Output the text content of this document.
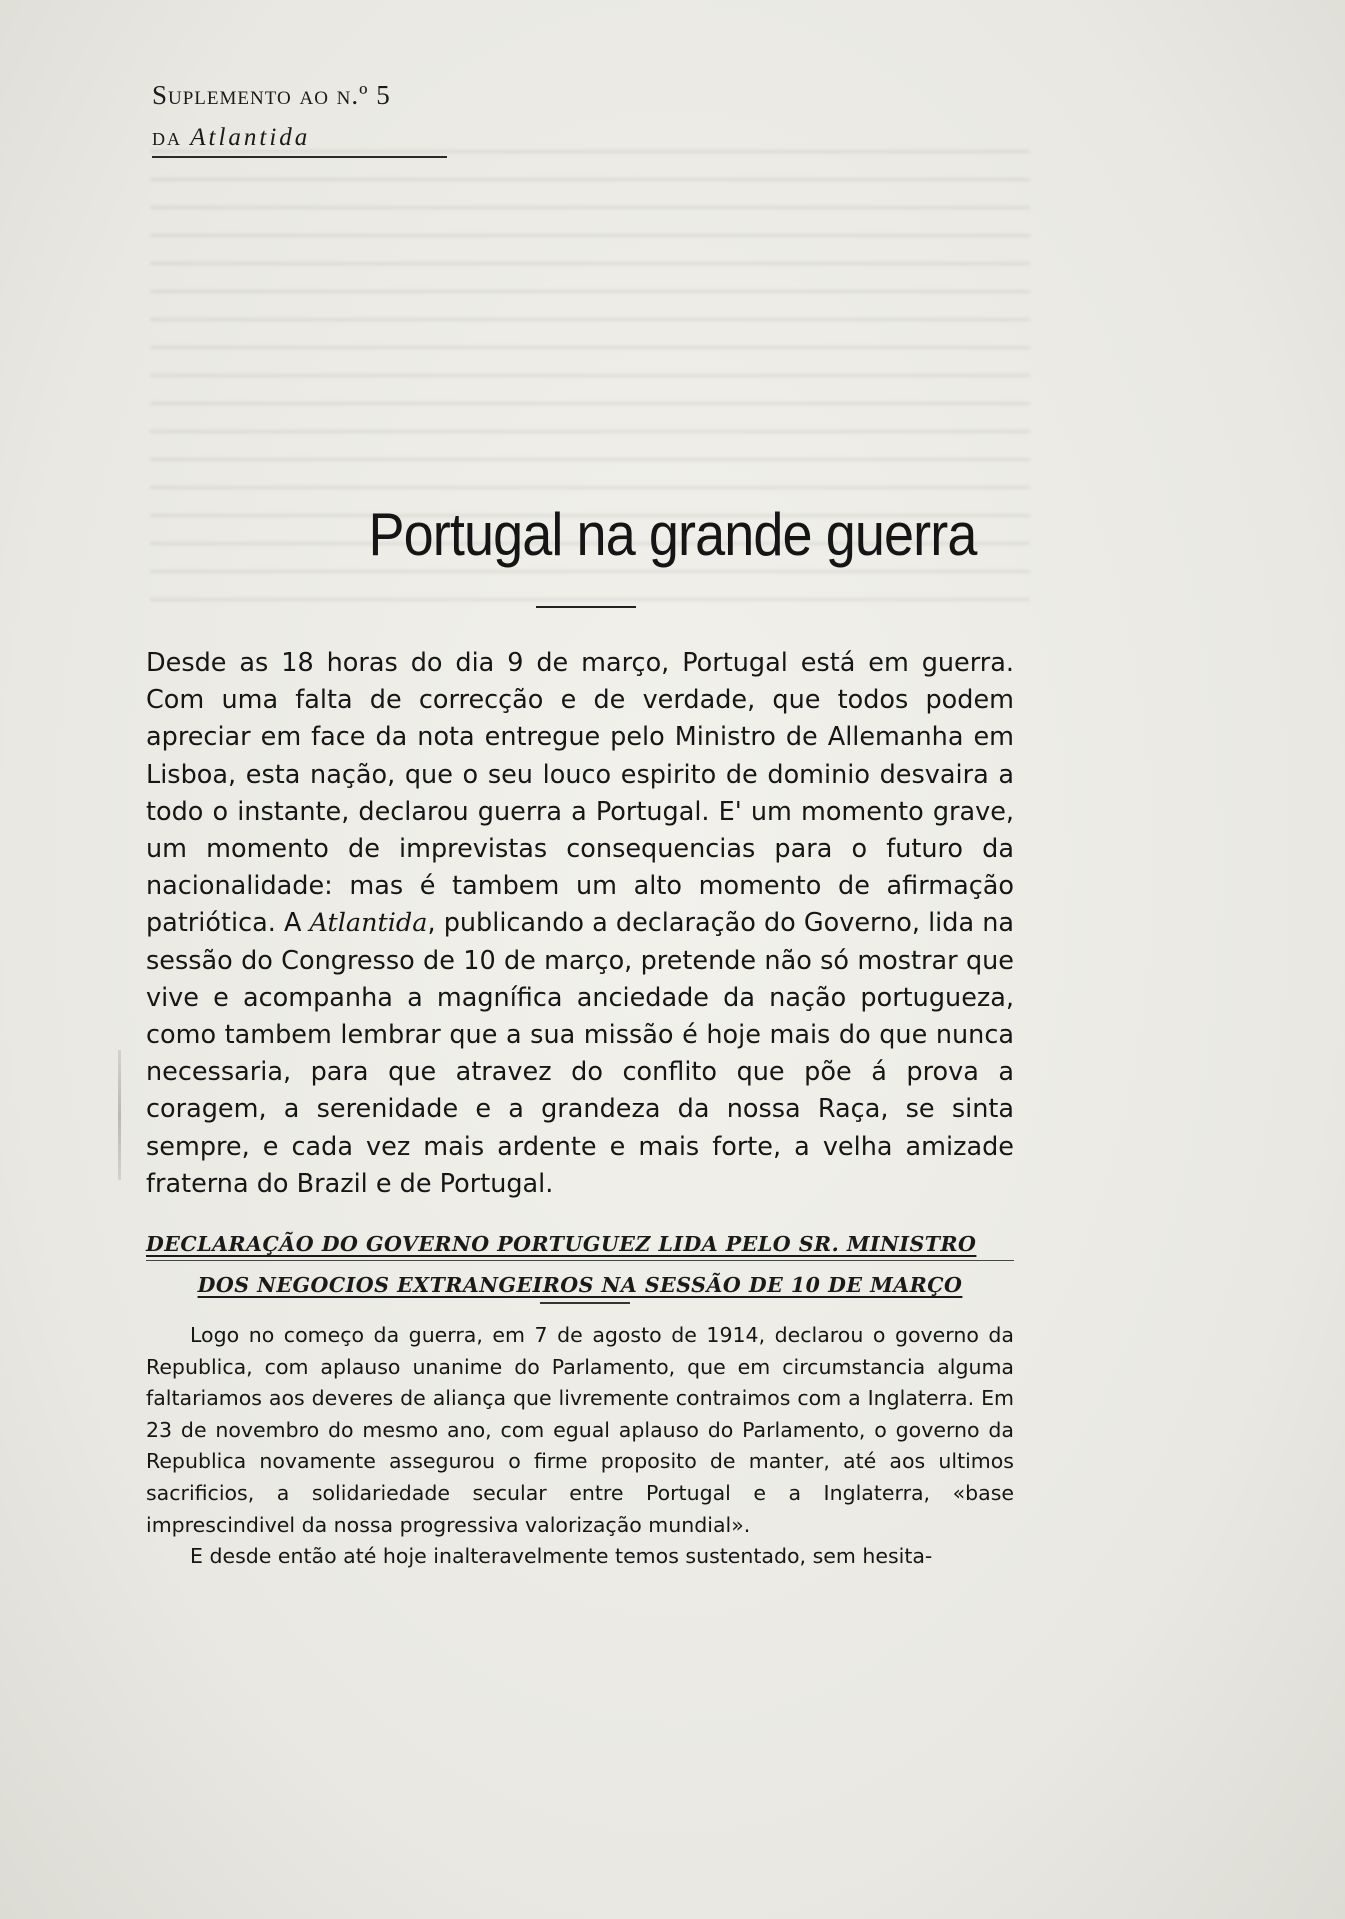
Suplemento ao n.º 5

da Atlantida

Portugal na grande guerra

Desde as 18 horas do dia 9 de março, Portugal está em guerra. Com uma falta de correcção e de verdade, que todos podem apreciar em face da nota entregue pelo Ministro de Allemanha em Lisboa, esta nação, que o seu louco espirito de dominio desvaira a todo o instante, declarou guerra a Portugal. E' um momento grave, um momento de imprevistas consequencias para o futuro da nacionalidade: mas é tambem um alto momento de afirmação patriótica. A Atlantida, publicando a declaração do Governo, lida na sessão do Congresso de 10 de março, pretende não só mostrar que vive e acompanha a magnífica anciedade da nação portugueza, como tambem lembrar que a sua missão é hoje mais do que nunca necessaria, para que atravez do conflito que põe á prova a coragem, a serenidade e a grandeza da nossa Raça, se sinta sempre, e cada vez mais ardente e mais forte, a velha amizade fraterna do Brazil e de Portugal.

DECLARAÇÃO DO GOVERNO PORTUGUEZ LIDA PELO SR. MINISTRO

DOS NEGOCIOS EXTRANGEIROS NA SESSÃO DE 10 DE MARÇO

Logo no começo da guerra, em 7 de agosto de 1914, declarou o governo da Republica, com aplauso unanime do Parlamento, que em circumstancia alguma faltariamos aos deveres de aliança que livremente contraimos com a Inglaterra. Em 23 de novembro do mesmo ano, com egual aplauso do Parlamento, o governo da Republica novamente assegurou o firme proposito de manter, até aos ultimos sacrificios, a solidariedade secular entre Portugal e a Inglaterra, «base imprescindivel da nossa progressiva valorização mundial».

E desde então até hoje inalteravelmente temos sustentado, sem hesita-
